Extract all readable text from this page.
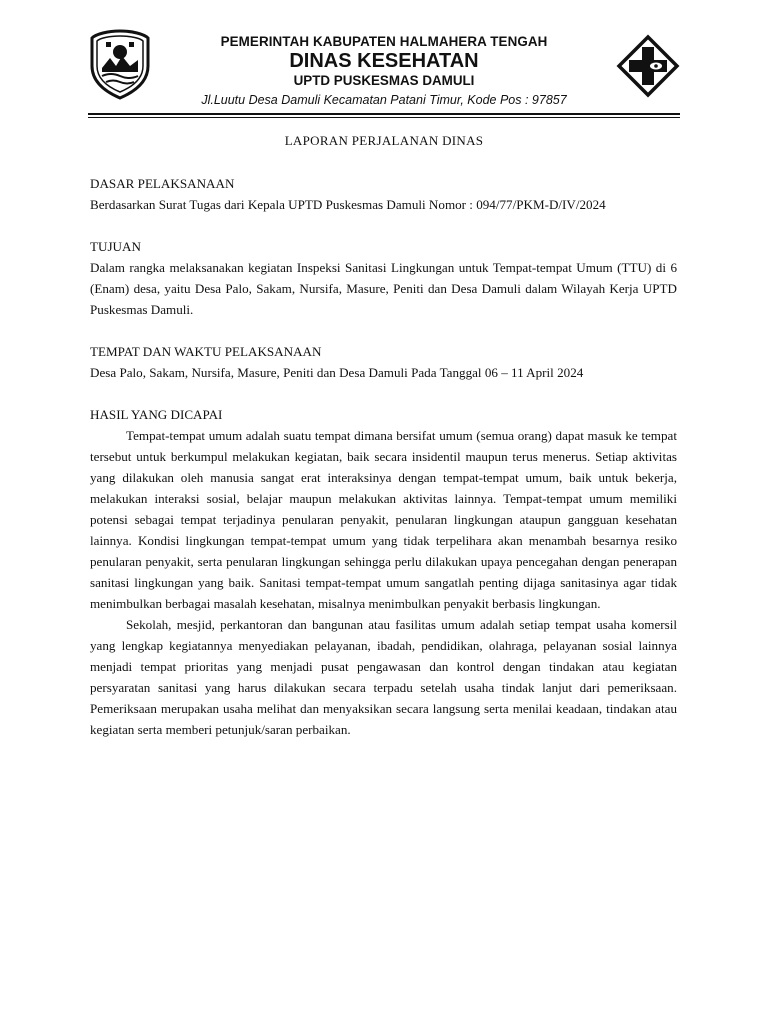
PEMERINTAH KABUPATEN HALMAHERA TENGAH
DINAS KESEHATAN
UPTD PUSKESMAS DAMULI
Jl.Luutu Desa Damuli Kecamatan Patani Timur, Kode Pos : 97857
LAPORAN PERJALANAN DINAS
DASAR PELAKSANAAN

Berdasarkan Surat Tugas dari Kepala UPTD Puskesmas Damuli Nomor : 094/77/PKM-D/IV/2024

TUJUAN

Dalam rangka melaksanakan kegiatan Inspeksi Sanitasi Lingkungan untuk Tempat-tempat Umum (TTU) di 6 (Enam) desa, yaitu Desa Palo, Sakam, Nursifa, Masure, Peniti dan Desa Damuli dalam Wilayah Kerja UPTD Puskesmas Damuli.

TEMPAT DAN WAKTU PELAKSANAAN

Desa Palo, Sakam, Nursifa, Masure, Peniti dan Desa Damuli Pada Tanggal 06 – 11 April 2024

HASIL YANG DICAPAI

Tempat-tempat umum adalah suatu tempat dimana bersifat umum (semua orang) dapat masuk ke tempat tersebut untuk berkumpul melakukan kegiatan, baik secara insidentil maupun terus menerus. Setiap aktivitas yang dilakukan oleh manusia sangat erat interaksinya dengan tempat-tempat umum, baik untuk bekerja, melakukan interaksi sosial, belajar maupun melakukan aktivitas lainnya. Tempat-tempat umum memiliki potensi sebagai tempat terjadinya penularan penyakit, penularan lingkungan ataupun gangguan kesehatan lainnya. Kondisi lingkungan tempat-tempat umum yang tidak terpelihara akan menambah besarnya resiko penularan penyakit, serta penularan lingkungan sehingga perlu dilakukan upaya pencegahan dengan penerapan sanitasi lingkungan yang baik. Sanitasi tempat-tempat umum sangatlah penting dijaga sanitasinya agar tidak menimbulkan berbagai masalah kesehatan, misalnya menimbulkan penyakit berbasis lingkungan.

Sekolah, mesjid, perkantoran dan bangunan atau fasilitas umum adalah setiap tempat usaha komersil yang lengkap kegiatannya menyediakan pelayanan, ibadah, pendidikan, olahraga, pelayanan sosial lainnya menjadi tempat prioritas yang menjadi pusat pengawasan dan kontrol dengan tindakan atau kegiatan persyaratan sanitasi yang harus dilakukan secara terpadu setelah usaha tindak lanjut dari pemeriksaan. Pemeriksaan merupakan usaha melihat dan menyaksikan secara langsung serta menilai keadaan, tindakan atau kegiatan serta memberi petunjuk/saran perbaikan.
